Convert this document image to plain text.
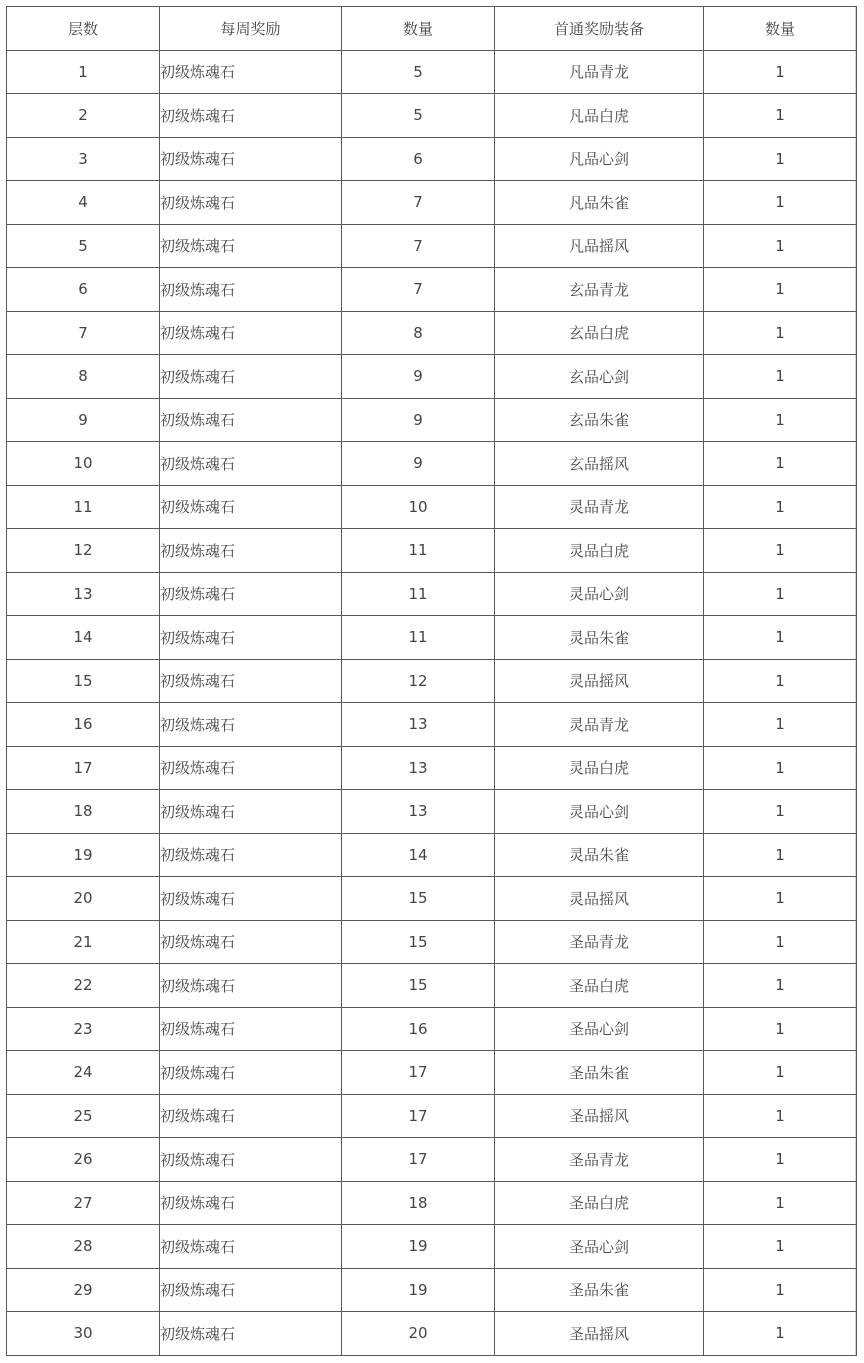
层数	每周奖励	数量	首通奖励装备	数量
1	初级炼魂石	5	凡品青龙	1
2	初级炼魂石	5	凡品白虎	1
3	初级炼魂石	6	凡品心剑	1
4	初级炼魂石	7	凡品朱雀	1
5	初级炼魂石	7	凡品摇风	1
6	初级炼魂石	7	玄品青龙	1
7	初级炼魂石	8	玄品白虎	1
8	初级炼魂石	9	玄品心剑	1
9	初级炼魂石	9	玄品朱雀	1
10	初级炼魂石	9	玄品摇风	1
11	初级炼魂石	10	灵品青龙	1
12	初级炼魂石	11	灵品白虎	1
13	初级炼魂石	11	灵品心剑	1
14	初级炼魂石	11	灵品朱雀	1
15	初级炼魂石	12	灵品摇风	1
16	初级炼魂石	13	灵品青龙	1
17	初级炼魂石	13	灵品白虎	1
18	初级炼魂石	13	灵品心剑	1
19	初级炼魂石	14	灵品朱雀	1
20	初级炼魂石	15	灵品摇风	1
21	初级炼魂石	15	圣品青龙	1
22	初级炼魂石	15	圣品白虎	1
23	初级炼魂石	16	圣品心剑	1
24	初级炼魂石	17	圣品朱雀	1
25	初级炼魂石	17	圣品摇风	1
26	初级炼魂石	17	圣品青龙	1
27	初级炼魂石	18	圣品白虎	1
28	初级炼魂石	19	圣品心剑	1
29	初级炼魂石	19	圣品朱雀	1
30	初级炼魂石	20	圣品摇风	1
